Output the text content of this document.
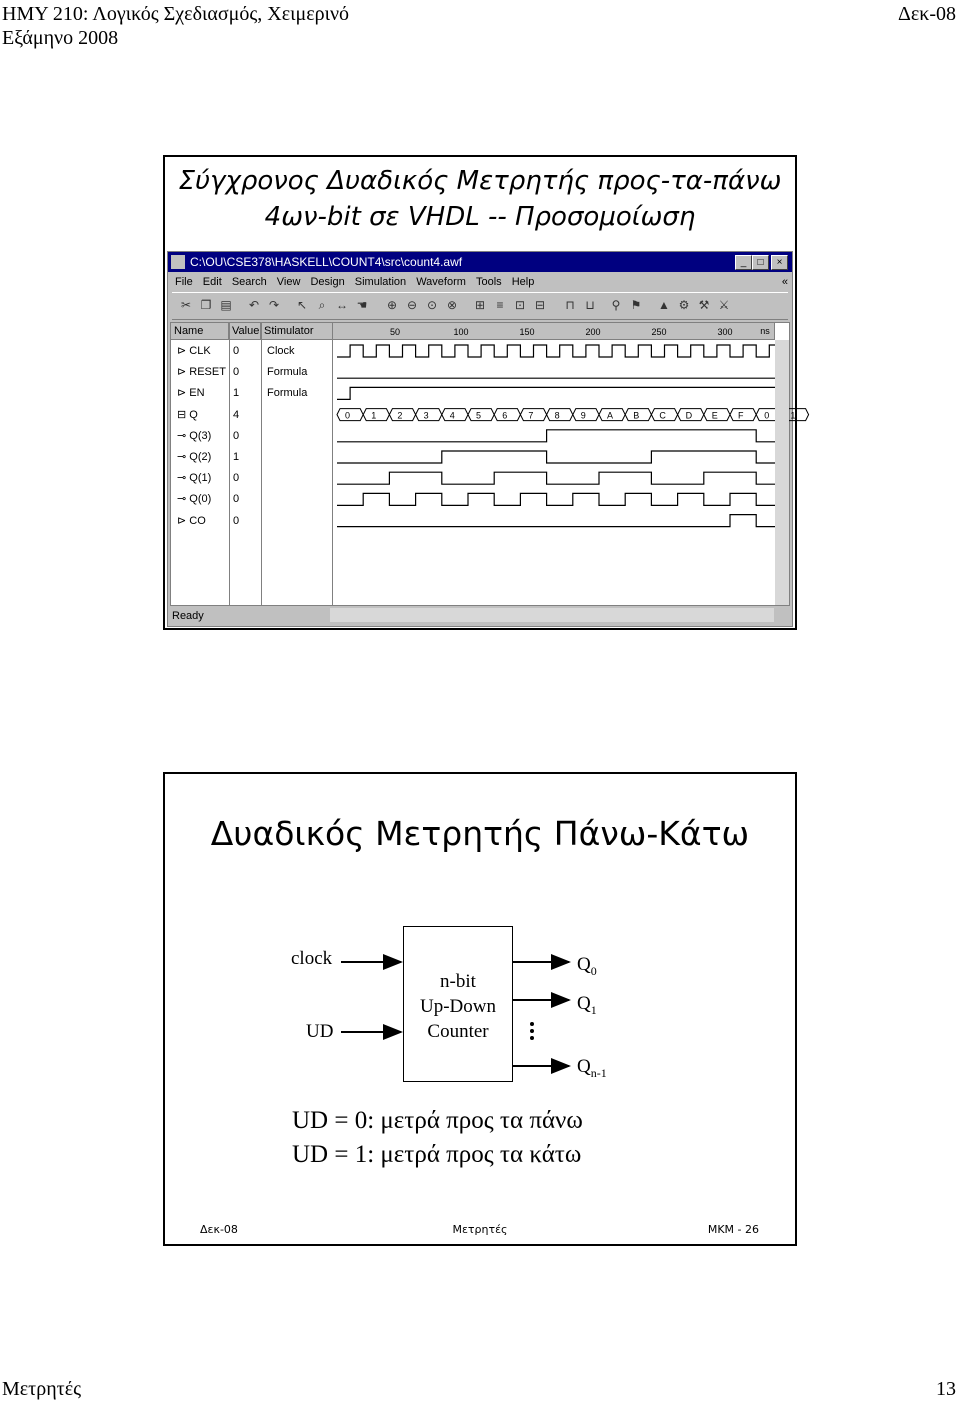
ΗΜΥ 210: Λογικός Σχεδιασμός, Χειμερινό
Εξάμηνο 2008
Δεκ-08
Σύγχρονος Δυαδικός Μετρητής προς-τα-πάνω
4ων-bit σε VHDL -- Προσομοίωση
C:\OU\CSE378\HASKELL\COUNT4\src\count4.awf	_	□	×
File Edit Search View Design Simulation Waveform Tools Help	«
✂ ❐ ▤ ↶ ↷ ↖ ⌕ ↔ ☚ ⊕ ⊖ ⊙ ⊗ ⊞ ≡ ⊡ ⊟ ⊓ ⊔ ⚲ ⚑ ▲ ⚙ ⚒ ⚔
Name	Value Stimulator	50	100	150	200	250	300	ns
⊳ CLK	0	Clock
⊳ RESET 0	Formula
⊳ EN	1	Formula
⊟ Q	4
⊸ Q(3)	0
⊸ Q(2)	1
⊸ Q(1)	0
⊸ Q(0)	0
⊳ CO	0
0 1 2 3 4 5 6 7 8 9 A B C D E F 0 1
Ready
Δυαδικός Μετρητής Πάνω-Κάτω
clock
UD
n-bit
Up-Down
Counter
$Q_0$
$Q_1$
$Q_{n-1}$
UD = 0: μετρά προς τα πάνω
UD = 1: μετρά προς τα κάτω
Δεκ-08	Μετρητές	ΜΚΜ - 26
Μετρητές	13
